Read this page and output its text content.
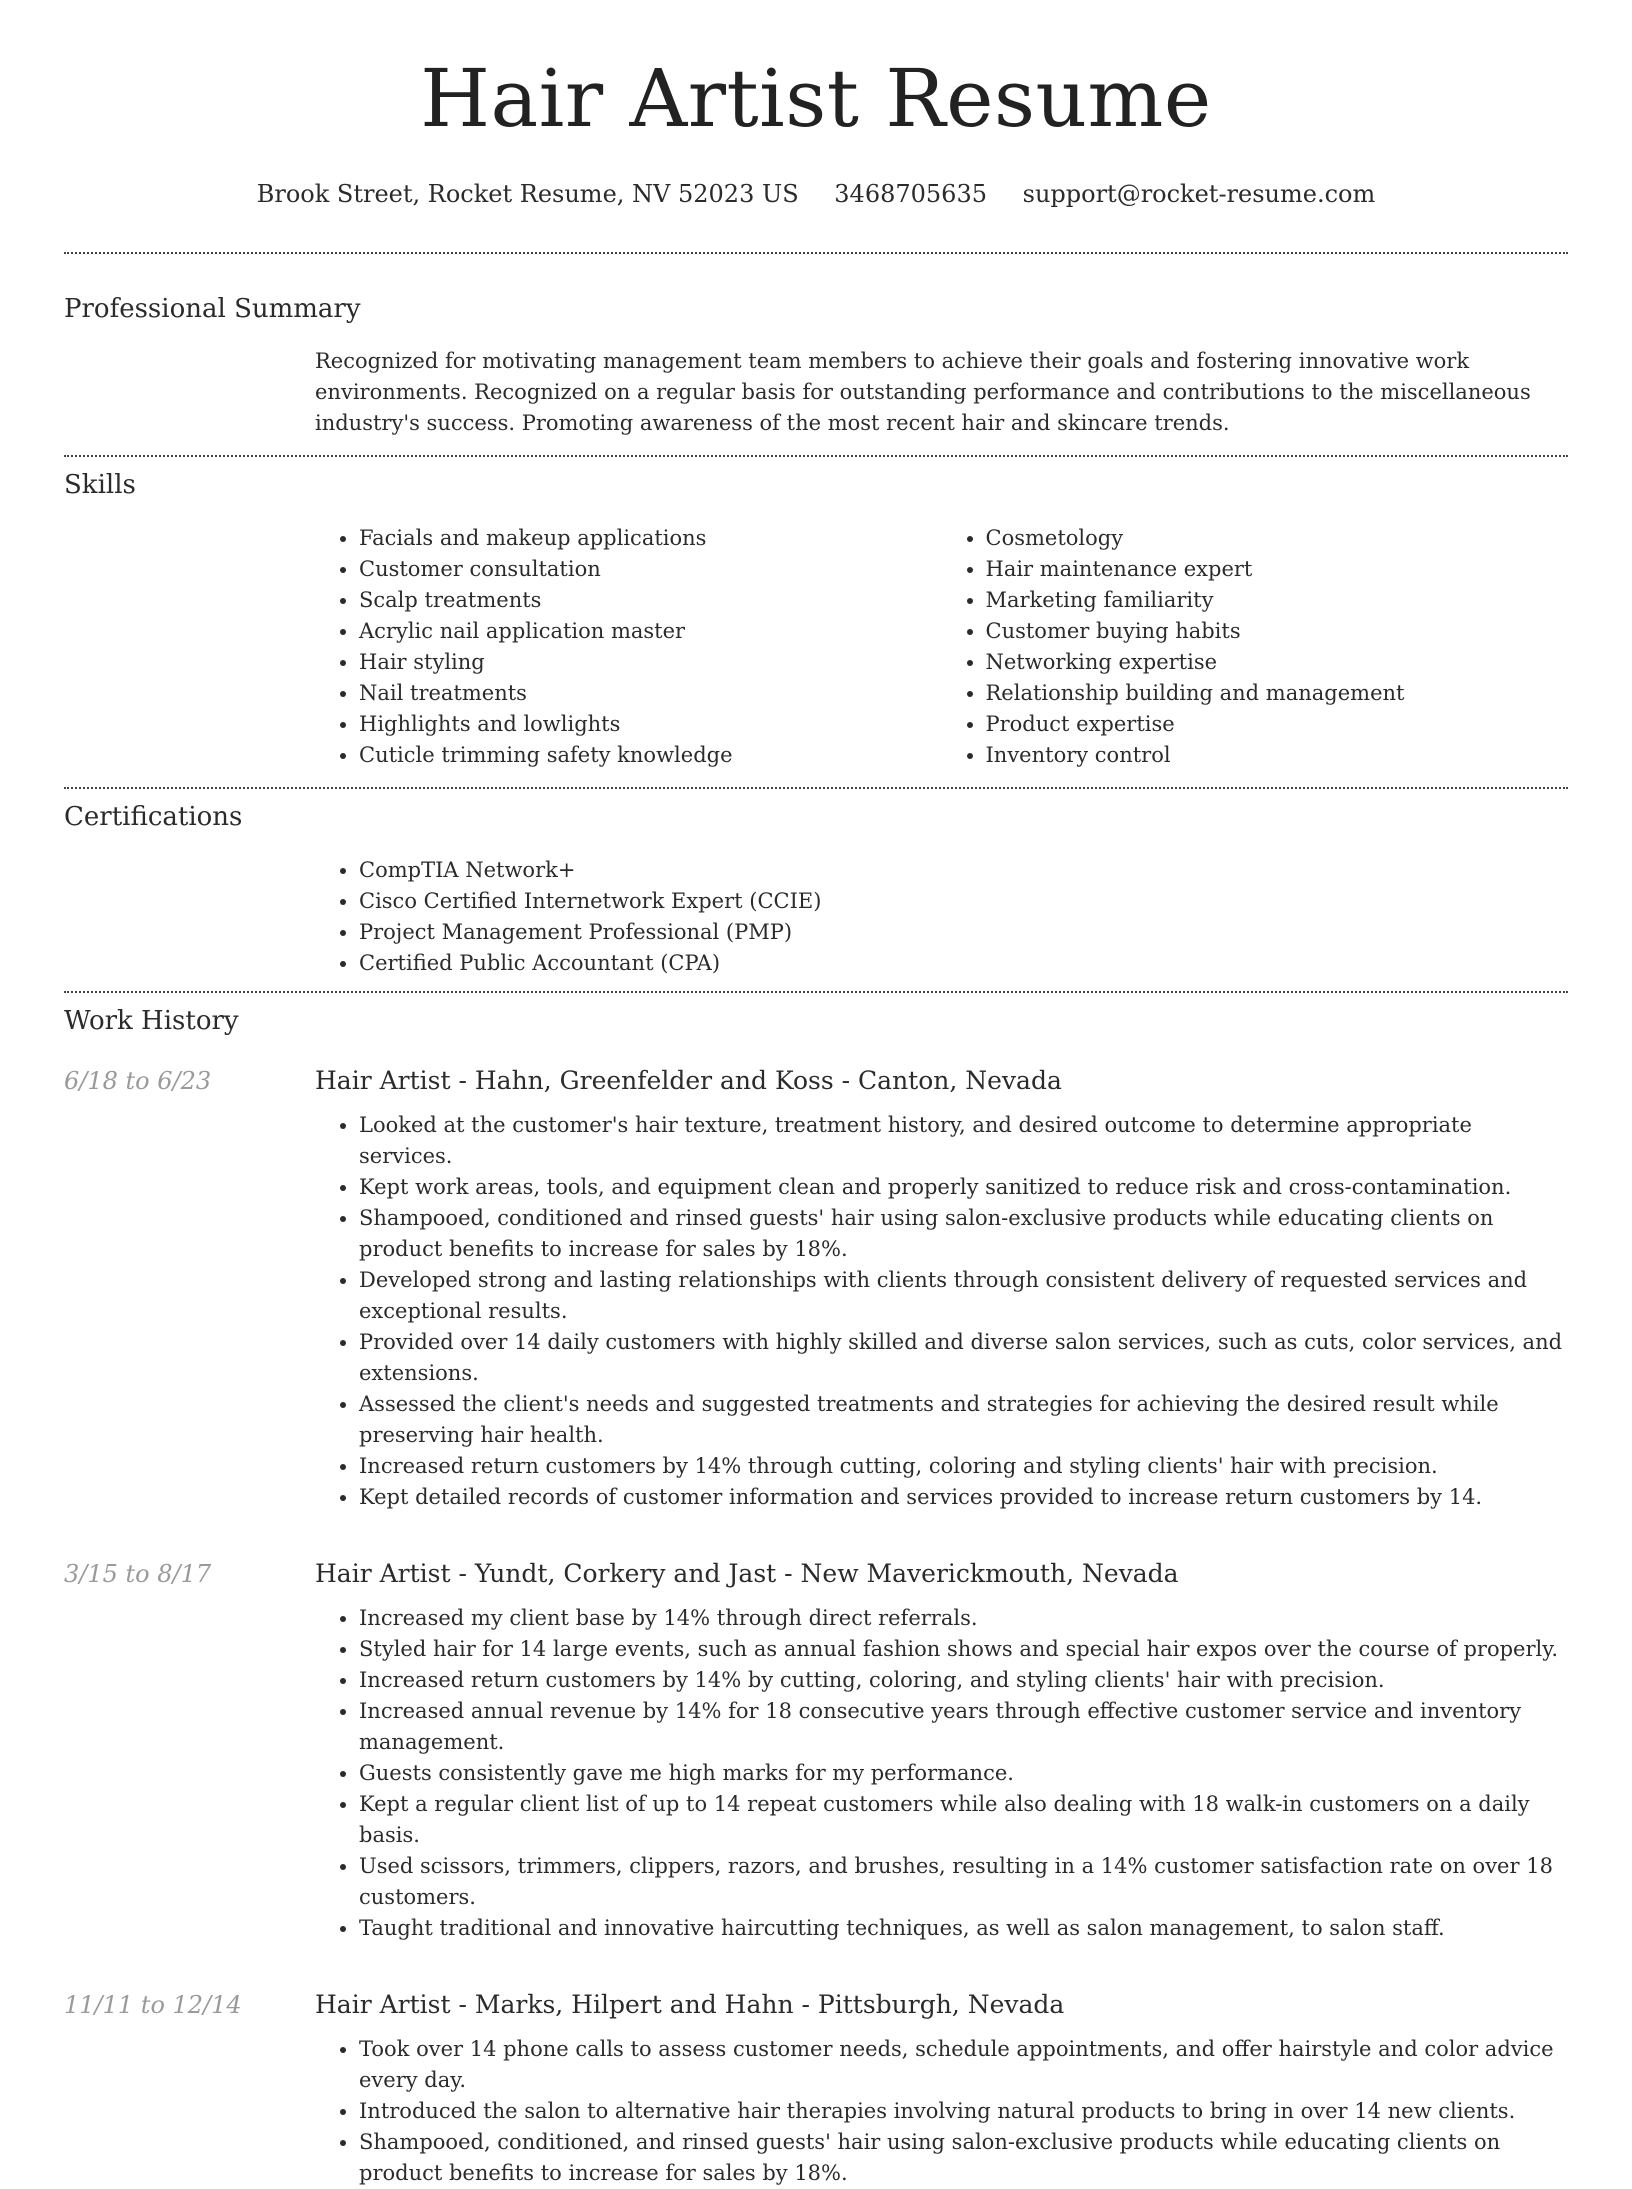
Hair Artist Resume
Brook Street, Rocket Resume, NV 52023 US 3468705635 support@rocket-resume.com
Professional Summary

Recognized for motivating management team members to achieve their goals and fostering innovative work environments. Recognized on a regular basis for outstanding performance and contributions to the miscellaneous industry's success. Promoting awareness of the most recent hair and skincare trends.

Skills
• Facials and makeup applications
• Customer consultation
• Scalp treatments
• Acrylic nail application master
• Hair styling
• Nail treatments
• Highlights and lowlights
• Cuticle trimming safety knowledge
• Cosmetology
• Hair maintenance expert
• Marketing familiarity
• Customer buying habits
• Networking expertise
• Relationship building and management
• Product expertise
• Inventory control
Certifications
• CompTIA Network+
• Cisco Certified Internetwork Expert (CCIE)
• Project Management Professional (PMP)
• Certified Public Accountant (CPA)
Work History
6/18 to 6/23	Hair Artist - Hahn, Greenfelder and Koss - Canton, Nevada
• Looked at the customer's hair texture, treatment history, and desired outcome to determine appropriate services.
• Kept work areas, tools, and equipment clean and properly sanitized to reduce risk and cross-contamination.
• Shampooed, conditioned and rinsed guests' hair using salon-exclusive products while educating clients on product benefits to increase for sales by 18%.
• Developed strong and lasting relationships with clients through consistent delivery of requested services and exceptional results.
• Provided over 14 daily customers with highly skilled and diverse salon services, such as cuts, color services, and extensions.
• Assessed the client's needs and suggested treatments and strategies for achieving the desired result while preserving hair health.
• Increased return customers by 14% through cutting, coloring and styling clients' hair with precision.
• Kept detailed records of customer information and services provided to increase return customers by 14.
3/15 to 8/17	Hair Artist - Yundt, Corkery and Jast - New Maverickmouth, Nevada
• Increased my client base by 14% through direct referrals.
• Styled hair for 14 large events, such as annual fashion shows and special hair expos over the course of properly.
• Increased return customers by 14% by cutting, coloring, and styling clients' hair with precision.
• Increased annual revenue by 14% for 18 consecutive years through effective customer service and inventory management.
• Guests consistently gave me high marks for my performance.
• Kept a regular client list of up to 14 repeat customers while also dealing with 18 walk-in customers on a daily basis.
• Used scissors, trimmers, clippers, razors, and brushes, resulting in a 14% customer satisfaction rate on over 18 customers.
• Taught traditional and innovative haircutting techniques, as well as salon management, to salon staff.
11/11 to 12/14	Hair Artist - Marks, Hilpert and Hahn - Pittsburgh, Nevada
• Took over 14 phone calls to assess customer needs, schedule appointments, and offer hairstyle and color advice every day.
• Introduced the salon to alternative hair therapies involving natural products to bring in over 14 new clients.
• Shampooed, conditioned, and rinsed guests' hair using salon-exclusive products while educating clients on product benefits to increase for sales by 18%.
